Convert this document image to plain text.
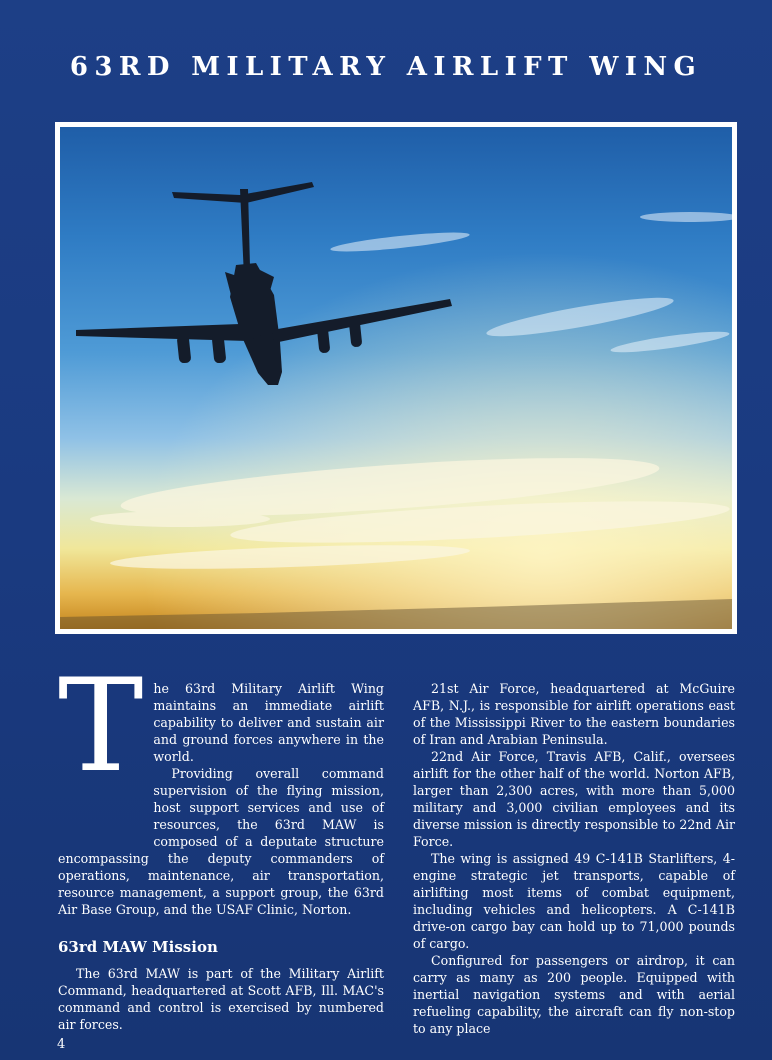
63RD MILITARY AIRLIFT WING
T he 63rd Military Airlift Wing maintains an immediate airlift capability to deliver and sustain air and ground forces anywhere in the world.

Providing overall command supervision of the flying mission, host support services and use of resources, the 63rd MAW is composed of a deputate structure encompassing the deputy commanders of operations, maintenance, air transportation, resource management, a support group, the 63rd Air Base Group, and the USAF Clinic, Norton.

63rd MAW Mission

The 63rd MAW is part of the Military Airlift Command, headquartered at Scott AFB, Ill. MAC's command and control is exercised by numbered air forces.

21st Air Force, headquartered at McGuire AFB, N.J., is responsible for airlift operations east of the Mississippi River to the eastern boundaries of Iran and Arabian Peninsula.

22nd Air Force, Travis AFB, Calif., oversees airlift for the other half of the world. Norton AFB, larger than 2,300 acres, with more than 5,000 military and 3,000 civilian employees and its diverse mission is directly responsible to 22nd Air Force.

The wing is assigned 49 C-141B Starlifters, 4-engine strategic jet transports, capable of airlifting most items of combat equipment, including vehicles and helicopters. A C-141B drive-on cargo bay can hold up to 71,000 pounds of cargo.

Configured for passengers or airdrop, it can carry as many as 200 people. Equipped with inertial navigation systems and with aerial refueling capability, the aircraft can fly non-stop to any place

4
